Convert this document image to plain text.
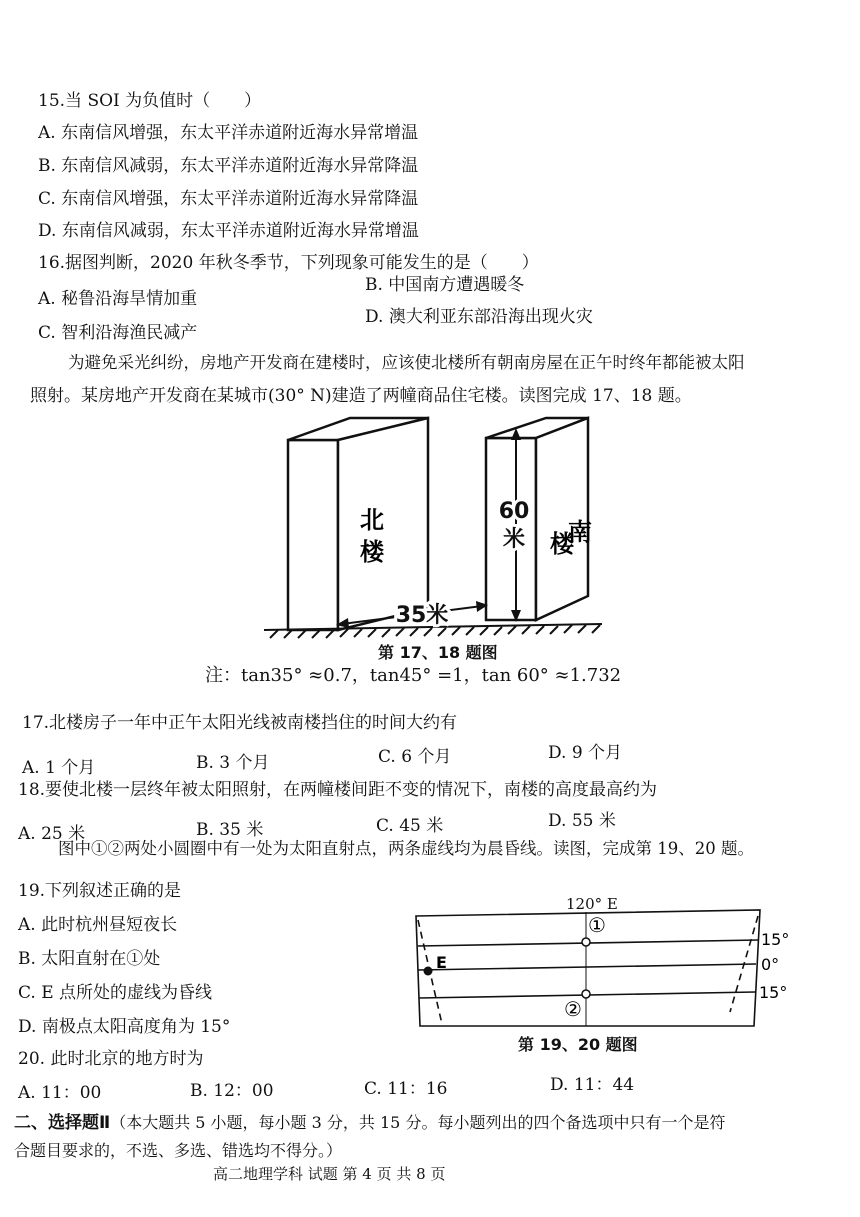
15.当 SOI 为负值时（　　）
A. 东南信风增强，东太平洋赤道附近海水异常增温
B. 东南信风减弱，东太平洋赤道附近海水异常降温
C. 东南信风增强，东太平洋赤道附近海水异常降温
D. 东南信风减弱，东太平洋赤道附近海水异常增温
16.据图判断，2020 年秋冬季节，下列现象可能发生的是（　　）
A. 秘鲁沿海旱情加重
B. 中国南方遭遇暖冬
C. 智利沿海渔民减产
D. 澳大利亚东部沿海出现火灾
为避免采光纠纷，房地产开发商在建楼时，应该使北楼所有朝南房屋在正午时终年都能被太阳
照射。某房地产开发商在某城市(30° N)建造了两幢商品住宅楼。读图完成 17、18 题。
北
楼
南
60
米 楼
35米
第 17、18 题图
注：tan35° ≈0.7，tan45° =1，tan 60° ≈1.732
17.北楼房子一年中正午太阳光线被南楼挡住的时间大约有
A. 1 个月	B. 3 个月	C. 6 个月	D. 9 个月
18.要使北楼一层终年被太阳照射，在两幢楼间距不变的情况下，南楼的高度最高约为
A. 25 米	B. 35 米	C. 45 米	D. 55 米
图中①②两处小圆圈中有一处为太阳直射点，两条虚线均为晨昏线。读图，完成第 19、20 题。
19.下列叙述正确的是
A. 此时杭州昼短夜长
B. 太阳直射在①处
C. E 点所处的虚线为昏线
D. 南极点太阳高度角为 15°
120° E
E
①
②
15°
0°
15°
第 19、20 题图
20. 此时北京的地方时为
A. 11：00	B. 12：00	C. 11：16	D. 11：44
二、选择题Ⅱ（本大题共 5 小题，每小题 3 分，共 15 分。每小题列出的四个备选项中只有一个是符
合题目要求的，不选、多选、错选均不得分。）
高二地理学科 试题 第 4 页 共 8 页
